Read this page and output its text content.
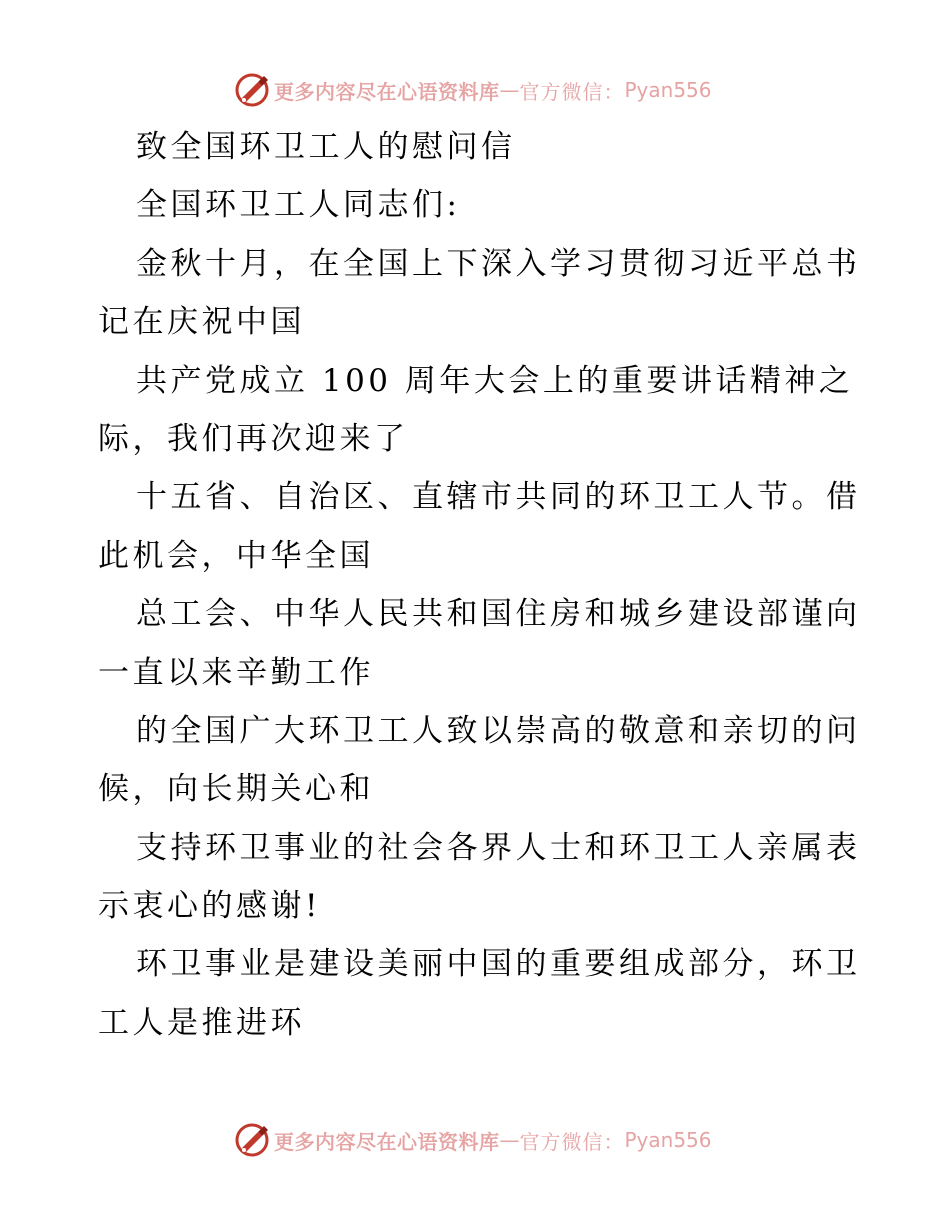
更多内容尽在心语资料库 — 官方微信： Pyan556
致全国环卫工人的慰问信
全国环卫工人同志们:
金秋十月，在全国上下深入学习贯彻习近平总书
记在庆祝中国
共产党成立 100 周年大会上的重要讲话精神之
际，我们再次迎来了
十五省、自治区、直辖市共同的环卫工人节。借
此机会，中华全国
总工会、中华人民共和国住房和城乡建设部谨向
一直以来辛勤工作
的全国广大环卫工人致以崇高的敬意和亲切的问
候，向长期关心和
支持环卫事业的社会各界人士和环卫工人亲属表
示衷心的感谢!
环卫事业是建设美丽中国的重要组成部分，环卫
工人是推进环
更多内容尽在心语资料库 — 官方微信： Pyan556
